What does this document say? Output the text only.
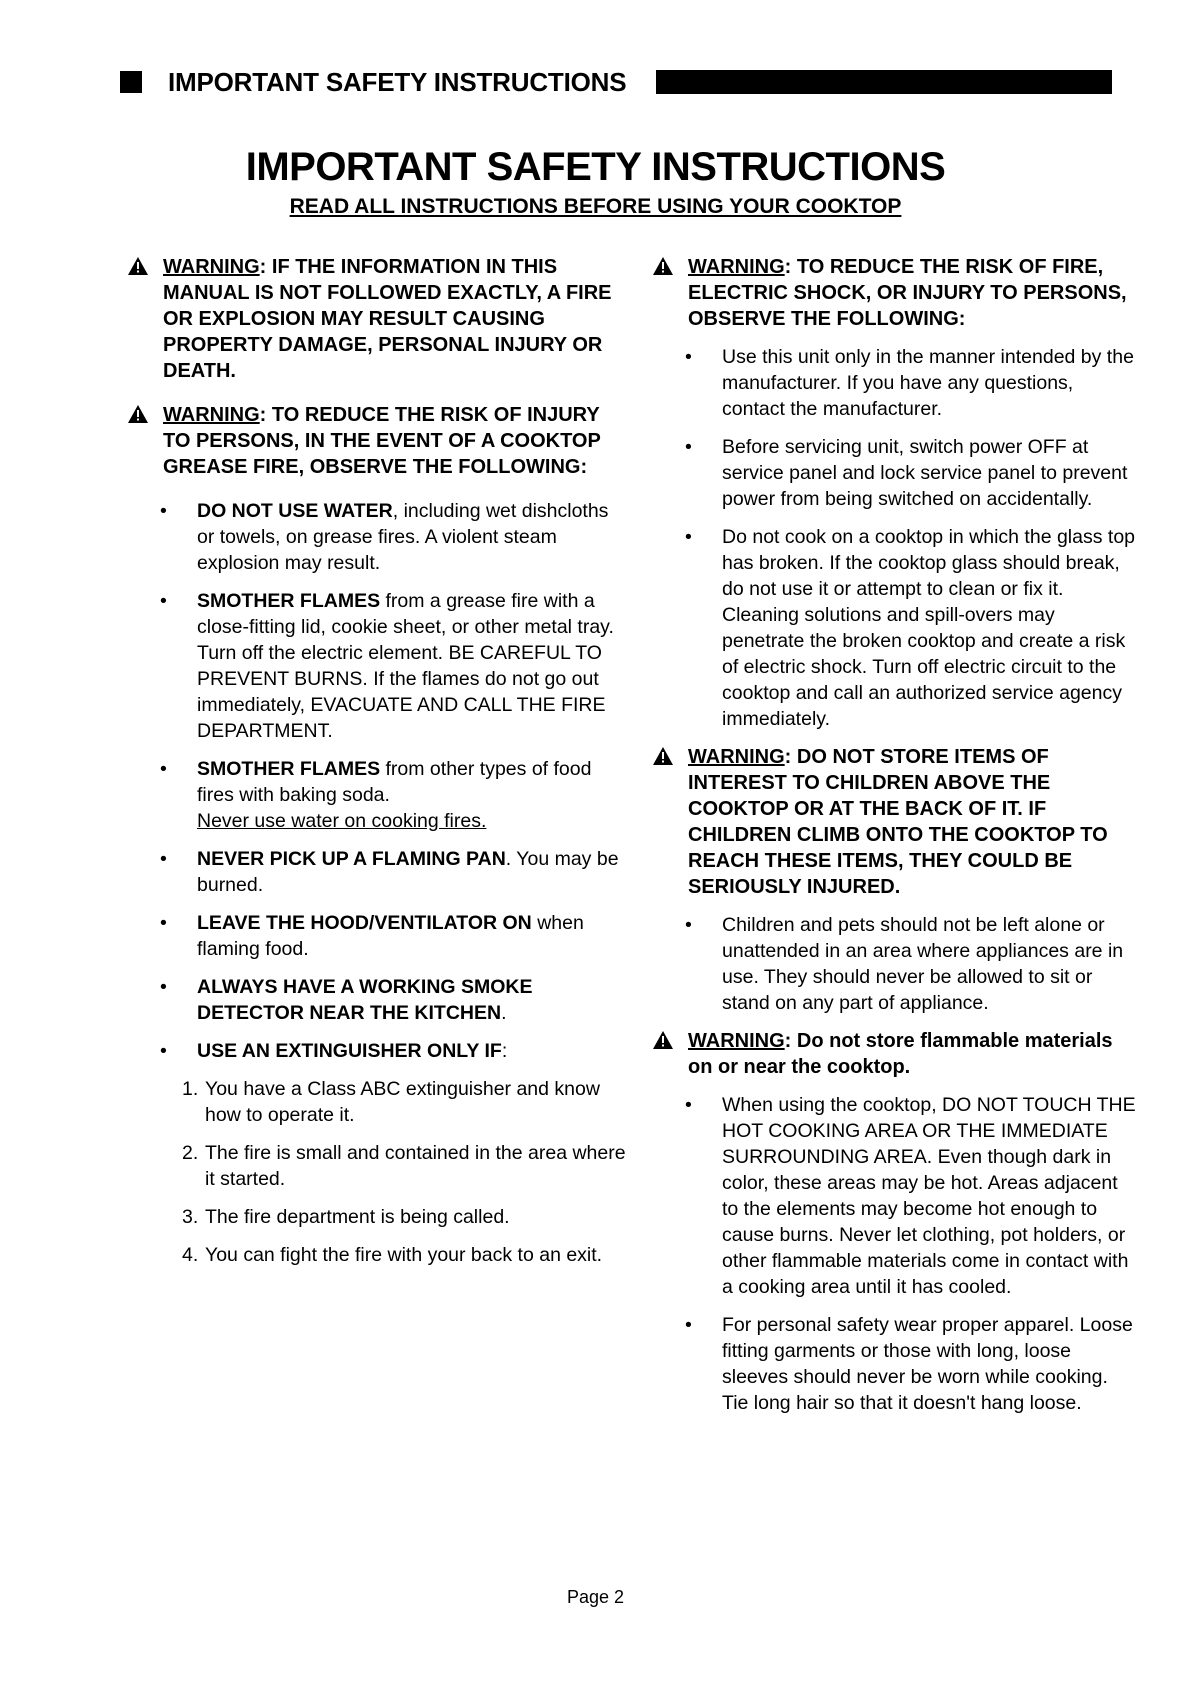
IMPORTANT SAFETY INSTRUCTIONS
IMPORTANT SAFETY INSTRUCTIONS
READ ALL INSTRUCTIONS BEFORE USING YOUR COOKTOP
WARNING: IF THE INFORMATION IN THIS MANUAL IS NOT FOLLOWED EXACTLY, A FIRE OR EXPLOSION MAY RESULT CAUSING PROPERTY DAMAGE, PERSONAL INJURY OR DEATH.
WARNING: TO REDUCE THE RISK OF INJURY TO PERSONS, IN THE EVENT OF A COOKTOP GREASE FIRE, OBSERVE THE FOLLOWING:
• DO NOT USE WATER, including wet dishcloths or towels, on grease fires. A violent steam explosion may result.
• SMOTHER FLAMES from a grease fire with a close-fitting lid, cookie sheet, or other metal tray. Turn off the electric element. BE CAREFUL TO PREVENT BURNS. If the flames do not go out immediately, EVACUATE AND CALL THE FIRE DEPARTMENT.
• SMOTHER FLAMES from other types of food fires with baking soda.
Never use water on cooking fires.
• NEVER PICK UP A FLAMING PAN. You may be burned.
• LEAVE THE HOOD/VENTILATOR ON when flaming food.
• ALWAYS HAVE A WORKING SMOKE DETECTOR NEAR THE KITCHEN.
• USE AN EXTINGUISHER ONLY IF:
1. You have a Class ABC extinguisher and know how to operate it.
2. The fire is small and contained in the area where it started.
3. The fire department is being called.
4. You can fight the fire with your back to an exit.
WARNING: TO REDUCE THE RISK OF FIRE, ELECTRIC SHOCK, OR INJURY TO PERSONS, OBSERVE THE FOLLOWING:
• Use this unit only in the manner intended by the manufacturer. If you have any questions, contact the manufacturer.
• Before servicing unit, switch power OFF at service panel and lock service panel to prevent power from being switched on accidentally.
• Do not cook on a cooktop in which the glass top has broken. If the cooktop glass should break, do not use it or attempt to clean or fix it. Cleaning solutions and spill-overs may penetrate the broken cooktop and create a risk of electric shock. Turn off electric circuit to the cooktop and call an authorized service agency immediately.
WARNING: DO NOT STORE ITEMS OF INTEREST TO CHILDREN ABOVE THE COOKTOP OR AT THE BACK OF IT. IF CHILDREN CLIMB ONTO THE COOKTOP TO REACH THESE ITEMS, THEY COULD BE SERIOUSLY INJURED.
• Children and pets should not be left alone or unattended in an area where appliances are in use. They should never be allowed to sit or stand on any part of appliance.
WARNING: Do not store flammable materials on or near the cooktop.
• When using the cooktop, DO NOT TOUCH THE HOT COOKING AREA OR THE IMMEDIATE SURROUNDING AREA. Even though dark in color, these areas may be hot. Areas adjacent to the elements may become hot enough to cause burns. Never let clothing, pot holders, or other flammable materials come in contact with a cooking area until it has cooled.
• For personal safety wear proper apparel. Loose fitting garments or those with long, loose sleeves should never be worn while cooking. Tie long hair so that it doesn't hang loose.
Page 2
